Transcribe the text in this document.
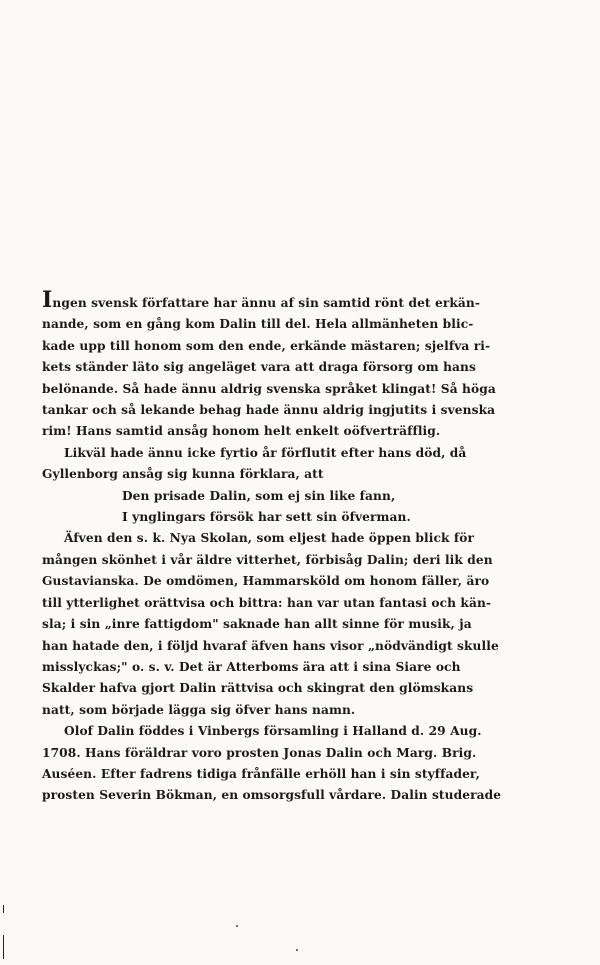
Ingen svensk författare har ännu af sin samtid rönt det erkän-
nande, som en gång kom Dalin till del. Hela allmänheten blic-
kade upp till honom som den ende, erkände mästaren; sjelfva ri-
kets ständer läto sig angeläget vara att draga försorg om hans
belönande. Så hade ännu aldrig svenska språket klingat! Så höga
tankar och så lekande behag hade ännu aldrig ingjutits i svenska
rim! Hans samtid ansåg honom helt enkelt oöfverträfflig.
Likväl hade ännu icke fyrtio år förflutit efter hans död, då
Gyllenborg ansåg sig kunna förklara, att
Den prisade Dalin, som ej sin like fann,
I ynglingars försök har sett sin öfverman.
Äfven den s. k. Nya Skolan, som eljest hade öppen blick för
mången skönhet i vår äldre vitterhet, förbisåg Dalin; deri lik den
Gustavianska. De omdömen, Hammarsköld om honom fäller, äro
till ytterlighet orättvisa och bittra: han var utan fantasi och kän-
sla; i sin „inre fattigdom" saknade han allt sinne för musik, ja
han hatade den, i följd hvaraf äfven hans visor „nödvändigt skulle
misslyckas;" o. s. v. Det är Atterboms ära att i sina Siare och
Skalder hafva gjort Dalin rättvisa och skingrat den glömskans
natt, som började lägga sig öfver hans namn.
Olof Dalin föddes i Vinbergs församling i Halland d. 29 Aug.
1708. Hans föräldrar voro prosten Jonas Dalin och Marg. Brig.
Auséen. Efter fadrens tidiga frånfälle erhöll han i sin styffader,
prosten Severin Bökman, en omsorgsfull vårdare. Dalin studerade
